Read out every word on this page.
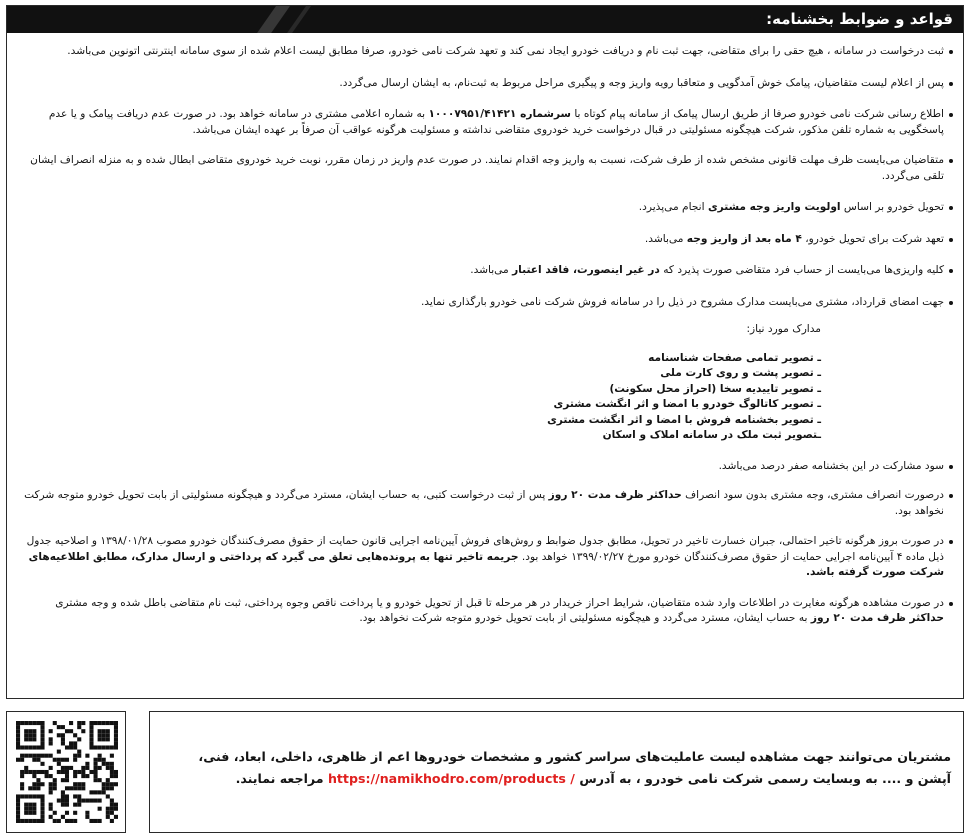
قواعد و ضوابط بخشنامه:
ثبت درخواست در سامانه ، هیچ حقی را برای متقاضی، جهت ثبت نام و دریافت خودرو ایجاد نمی کند و تعهد شرکت نامی خودرو، صرفا مطابق لیست اعلام شده از سوی سامانه اینترنتی اتونوین می‌باشد.
پس از اعلام لیست متقاضیان، پیامک خوش آمدگویی و متعاقبا رویه واریز وجه و پیگیری مراحل مربوط به ثبت‌نام، به ایشان ارسال می‌گردد.
اطلاع رسانی شرکت نامی خودرو صرفا از طریق ارسال پیامک از سامانه پیام کوتاه با سرشماره ۱۰۰۰۷۹۵۱/۴۱۴۲۱ به شماره اعلامی مشتری در سامانه خواهد بود. در صورت عدم دریافت پیامک و یا عدم پاسخگویی به شماره تلفن مذکور، شرکت هیچگونه مسئولیتی در قبال درخواست خرید خودروی متقاضی نداشته و مسئولیت هرگونه عواقب آن صرفاً بر عهده ایشان می‌باشد.
متقاضیان می‌بایست ظرف مهلت قانونی مشخص شده از طرف شرکت، نسبت به واریز وجه اقدام نمایند. در صورت عدم واریز در زمان مقرر، نوبت خرید خودروی متقاضی ابطال شده و به منزله انصراف ایشان تلقی می‌گردد.
تحویل خودرو بر اساس اولویت واریز وجه مشتری انجام می‌پذیرد.
تعهد شرکت برای تحویل خودرو، ۴ ماه بعد از واریز وجه می‌باشد.
کلیه واریزی‌ها می‌بایست از حساب فرد متقاضی صورت پذیرد که در غیر اینصورت، فاقد اعتبار می‌باشد.
جهت امضای قرارداد، مشتری می‌بایست مدارک مشروح در ذیل را در سامانه فروش شرکت نامی خودرو بارگذاری نماید.
مدارک مورد نیاز:
ـ تصویر تمامی صفحات شناسنامه
ـ تصویر پشت و روی کارت ملی
ـ تصویر تاییدیه سخا (احراز محل سکونت)
ـ تصویر کاتالوگ خودرو با امضا و اثر انگشت مشتری
ـ تصویر بخشنامه فروش با امضا و اثر انگشت مشتری
ـتصویر ثبت ملک در سامانه املاک و اسکان
سود مشارکت در این بخشنامه صفر درصد می‌باشد.
درصورت انصراف مشتری، وجه مشتری بدون سود انصراف حداکثر ظرف مدت ۲۰ روز پس از ثبت درخواست کتبی، به حساب ایشان، مسترد می‌گردد و هیچگونه مسئولیتی از بابت تحویل خودرو متوجه شرکت نخواهد بود.
در صورت بروز هرگونه تاخیر احتمالی، جبران خسارت تاخیر در تحویل، مطابق جدول ضوابط و روش‌های فروش آیین‌نامه اجرایی قانون حمایت از حقوق مصرف‌کنندگان خودرو مصوب ۱۳۹۸/۰۱/۲۸ و اصلاحیه جدول ذیل ماده ۴ آیین‌نامه اجرایی حمایت از حقوق مصرف‌کنندگان خودرو مورخ ۱۳۹۹/۰۲/۲۷ خواهد بود. جریمه تاخیر تنها به پرونده‌هایی تعلق می گیرد که پرداختی و ارسال مدارک، مطابق اطلاعیه‌های شرکت صورت گرفته باشد.
در صورت مشاهده هرگونه مغایرت در اطلاعات وارد شده متقاضیان، شرایط احراز خریدار در هر مرحله تا قبل از تحویل خودرو و یا پرداخت ناقص وجوه پرداختی، ثبت نام متقاضی باطل شده و وجه مشتری حداکثر ظرف مدت ۲۰ روز به حساب ایشان، مسترد می‌گردد و هیچگونه مسئولیتی از بابت تحویل خودرو متوجه شرکت نخواهد بود.
مشتریان می‌توانند جهت مشاهده لیست عاملیت‌های سراسر کشور و مشخصات خودروها اعم از ظاهری، داخلی، ابعاد، فنی، آپشن و .... به وبسایت رسمی شرکت نامی خودرو ، به آدرس https://namikhodro.com/products / مراجعه نمایند.
